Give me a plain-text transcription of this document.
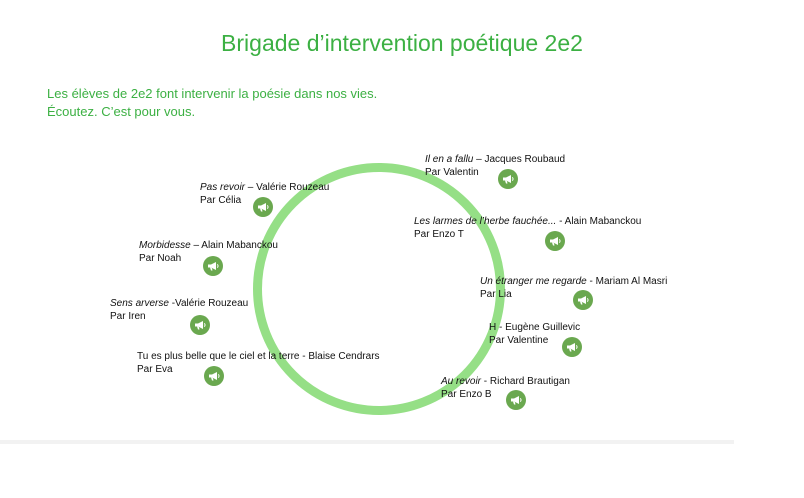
Brigade d’intervention poétique 2e2
Les élèves de 2e2 font intervenir la poésie dans nos vies.
Écoutez. C’est pour vous.
Pas revoir – Valérie Rouzeau
Par Célia
Morbidesse – Alain Mabanckou
Par Noah
Sens arverse -Valérie Rouzeau
Par Iren
Tu es plus belle que le ciel et la terre - Blaise Cendrars
Par Eva
Il en a fallu – Jacques Roubaud
Par Valentin
Les larmes de l’herbe fauchée... - Alain Mabanckou
Par Enzo T
Un étranger me regarde - Mariam Al Masri
Par Lia
H - Eugène Guillevic
Par Valentine
Au revoir - Richard Brautigan
Par Enzo B
